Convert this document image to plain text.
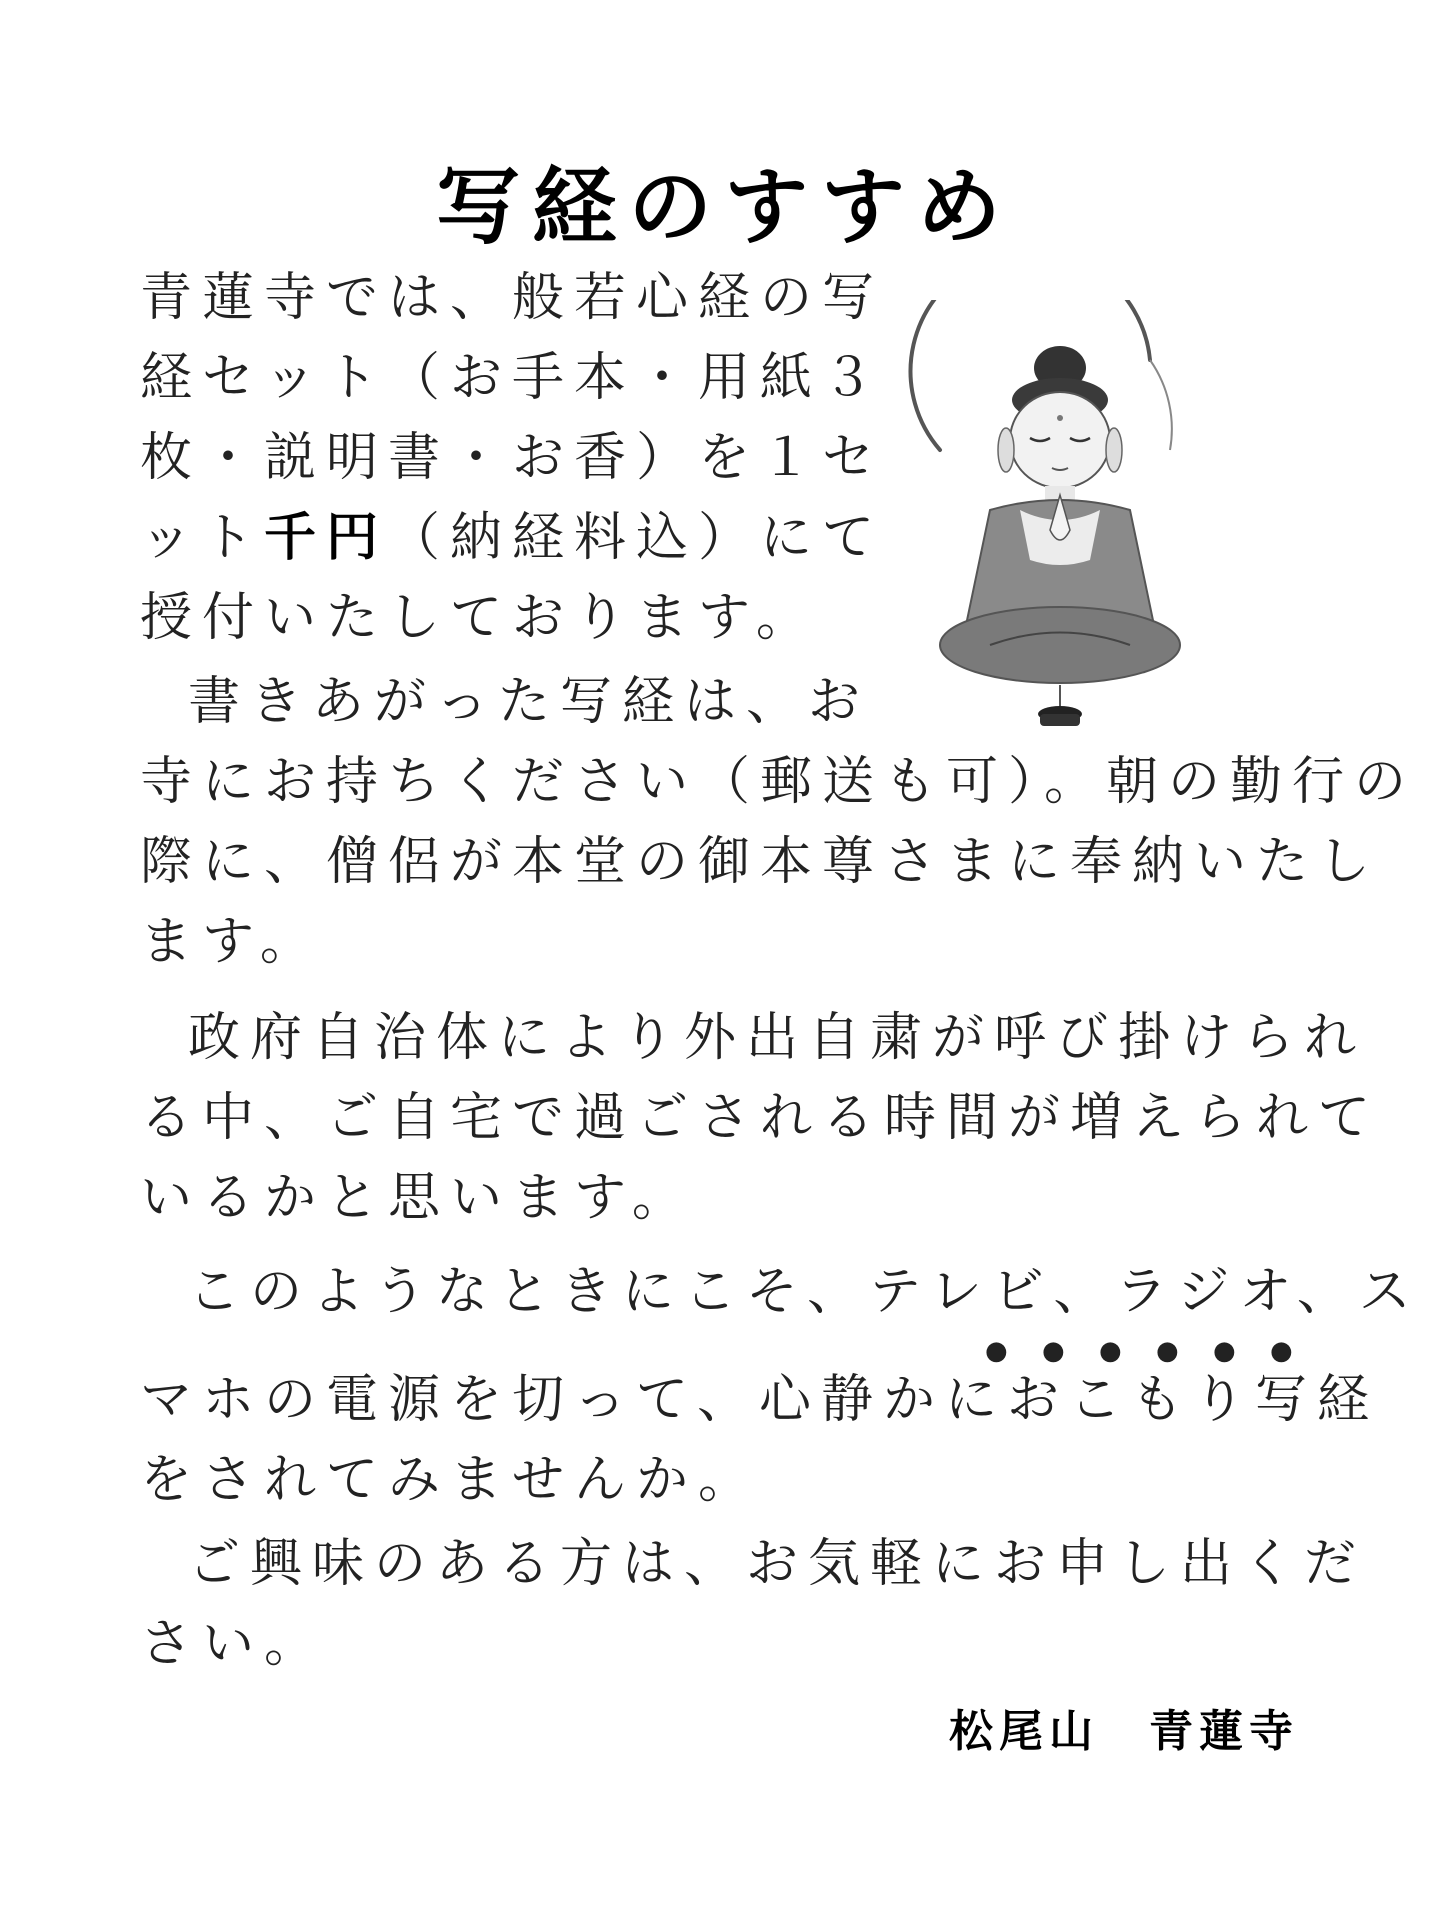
写経のすすめ
青蓮寺では、般若心経の写
経セット（お手本・用紙３
枚・説明書・お香）を１セ
ット千円（納経料込）にて
授付いたしております。
書きあがった写経は、お
寺にお持ちください（郵送も可）。朝の勤行の
際に、僧侶が本堂の御本尊さまに奉納いたし
ます。
政府自治体により外出自粛が呼び掛けられ
る中、ご自宅で過ごされる時間が増えられて
いるかと思います。
このようなときにこそ、テレビ、ラジオ、ス
● ● ● ● ● ●
マホの電源を切って、心静かにおこもり写経
をされてみませんか。
ご興味のある方は、お気軽にお申し出くだ
さい。
松尾山　青蓮寺
